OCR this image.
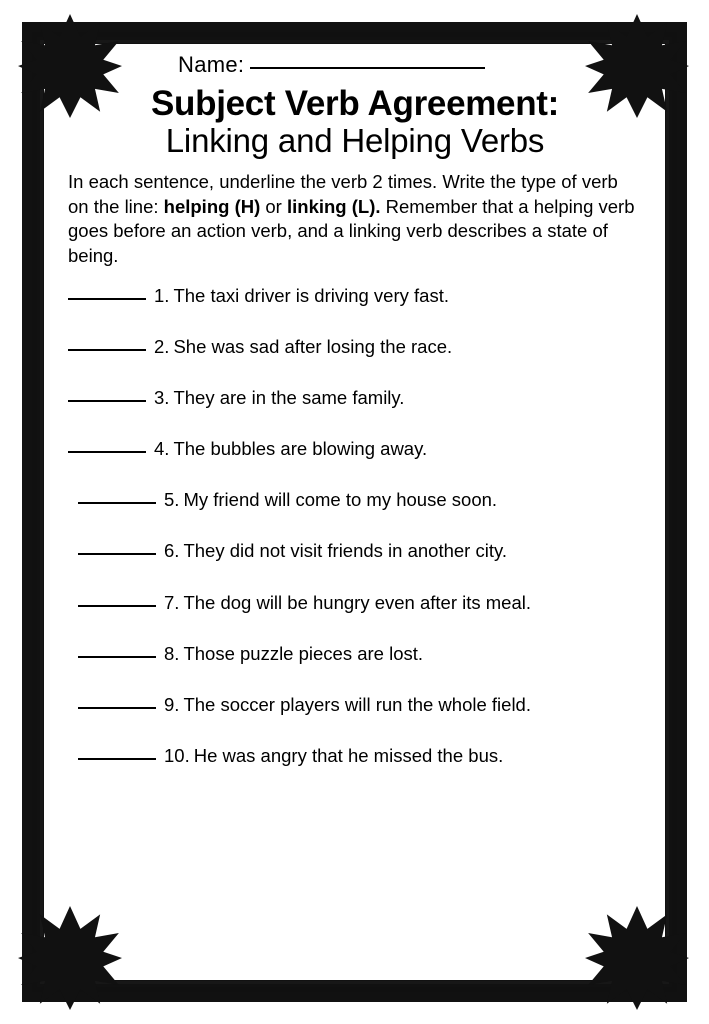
Name:
Subject Verb Agreement:
Linking and Helping Verbs

In each sentence, underline the verb 2 times. Write the type of verb on the line: helping (H) or linking (L). Remember that a helping verb goes before an action verb, and a linking verb describes a state of being.

1. The taxi driver is driving very fast.
2. She was sad after losing the race.
3. They are in the same family.
4. The bubbles are blowing away.
5. My friend will come to my house soon.
6. They did not visit friends in another city.
7. The dog will be hungry even after its meal.
8. Those puzzle pieces are lost.
9. The soccer players will run the whole field.
10. He was angry that he missed the bus.
